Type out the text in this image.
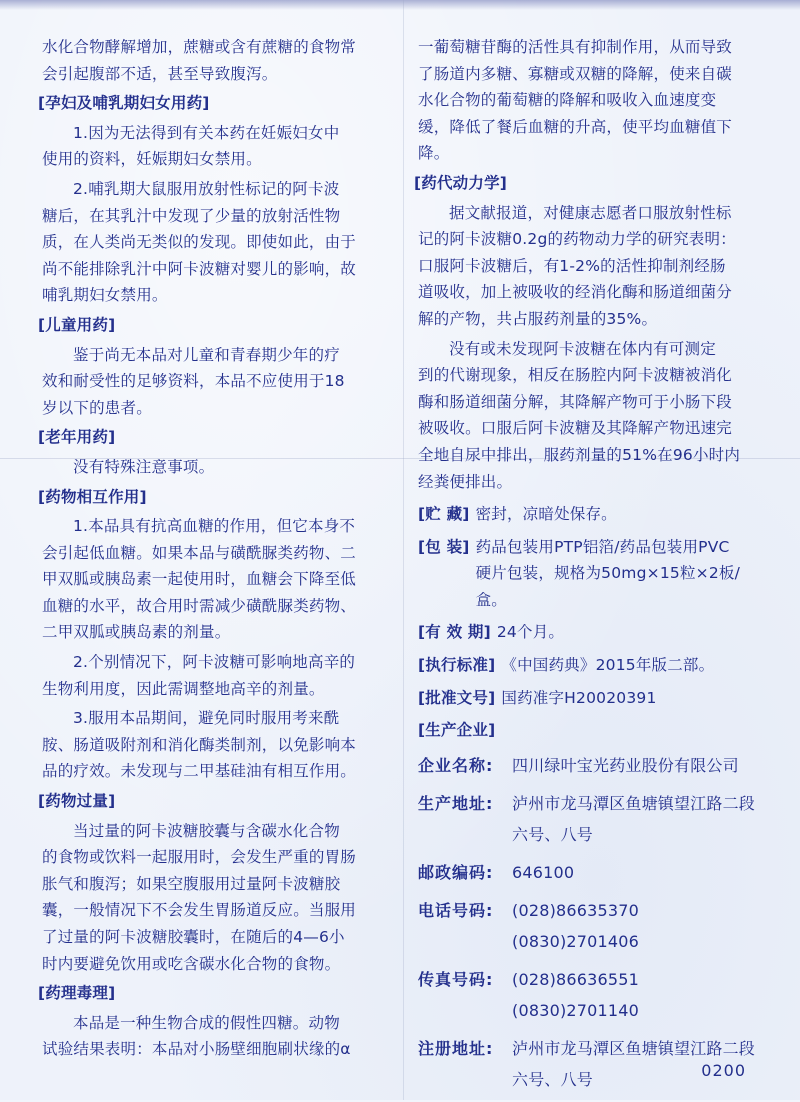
水化合物酵解增加，蔗糖或含有蔗糖的食物常
会引起腹部不适，甚至导致腹泻。
[孕妇及哺乳期妇女用药]
1.因为无法得到有关本药在妊娠妇女中
使用的资料，妊娠期妇女禁用。
2.哺乳期大鼠服用放射性标记的阿卡波
糖后，在其乳汁中发现了少量的放射活性物
质，在人类尚无类似的发现。即使如此，由于
尚不能排除乳汁中阿卡波糖对婴儿的影响，故
哺乳期妇女禁用。
[儿童用药]
鉴于尚无本品对儿童和青春期少年的疗
效和耐受性的足够资料，本品不应使用于18
岁以下的患者。
[老年用药]
没有特殊注意事项。
[药物相互作用]
1.本品具有抗高血糖的作用，但它本身不
会引起低血糖。如果本品与磺酰脲类药物、二
甲双胍或胰岛素一起使用时，血糖会下降至低
血糖的水平，故合用时需减少磺酰脲类药物、
二甲双胍或胰岛素的剂量。
2.个别情况下，阿卡波糖可影响地高辛的
生物利用度，因此需调整地高辛的剂量。
3.服用本品期间，避免同时服用考来酰
胺、肠道吸附剂和消化酶类制剂，以免影响本
品的疗效。未发现与二甲基硅油有相互作用。
[药物过量]
当过量的阿卡波糖胶囊与含碳水化合物
的食物或饮料一起服用时，会发生严重的胃肠
胀气和腹泻；如果空腹服用过量阿卡波糖胶
囊，一般情况下不会发生胃肠道反应。当服用
了过量的阿卡波糖胶囊时，在随后的4—6小
时内要避免饮用或吃含碳水化合物的食物。
[药理毒理]
本品是一种生物合成的假性四糖。动物
试验结果表明：本品对小肠壁细胞刷状缘的α
一葡萄糖苷酶的活性具有抑制作用，从而导致
了肠道内多糖、寡糖或双糖的降解，使来自碳
水化合物的葡萄糖的降解和吸收入血速度变
缓，降低了餐后血糖的升高，使平均血糖值下
降。
[药代动力学]
据文献报道，对健康志愿者口服放射性标
记的阿卡波糖0.2g的药物动力学的研究表明：
口服阿卡波糖后，有1-2%的活性抑制剂经肠
道吸收，加上被吸收的经消化酶和肠道细菌分
解的产物，共占服药剂量的35%。
没有或未发现阿卡波糖在体内有可测定
到的代谢现象，相反在肠腔内阿卡波糖被消化
酶和肠道细菌分解，其降解产物可于小肠下段
被吸收。口服后阿卡波糖及其降解产物迅速完
全地自尿中排出，服药剂量的51%在96小时内
经粪便排出。
[贮 藏] 密封，凉暗处保存。
[包 装] 药品包装用PTP铝箔/药品包装用PVC
硬片包装，规格为50mg×15粒×2板/盒。
[有 效 期] 24个月。
[执行标准] 《中国药典》2015年版二部。
[批准文号] 国药准字H20020391
[生产企业]
企业名称:	四川绿叶宝光药业股份有限公司
生产地址:	泸州市龙马潭区鱼塘镇望江路二段
六号、八号
邮政编码:	646100
电话号码:	(028)86635370 (0830)2701406
传真号码:	(028)86636551 (0830)2701140
注册地址:	泸州市龙马潭区鱼塘镇望江路二段
六号、八号	0200
